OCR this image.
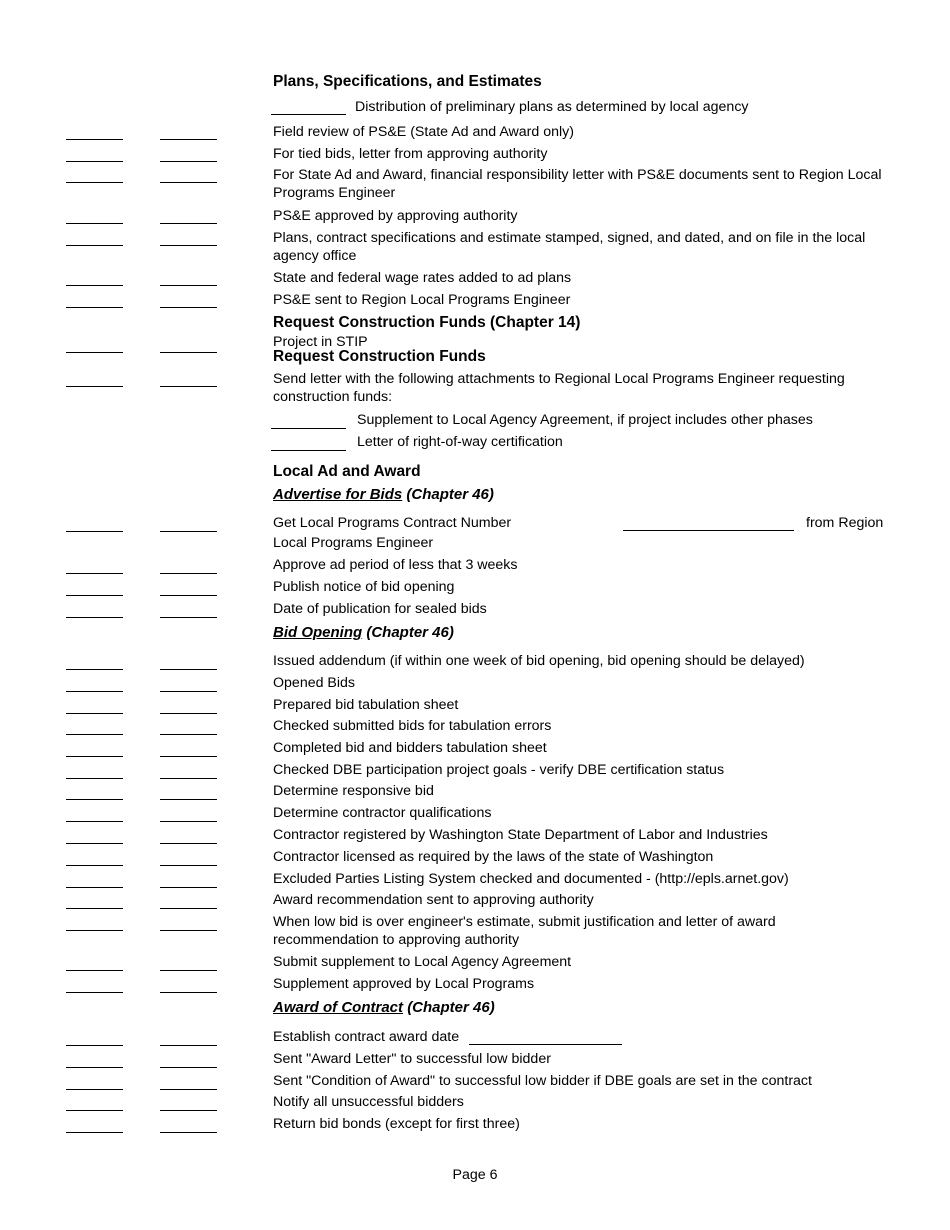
Plans, Specifications, and Estimates
Distribution of preliminary plans as determined by local agency
Field review of PS&E (State Ad and Award only)
For tied bids, letter from approving authority
For State Ad and Award, financial responsibility letter with PS&E documents sent to Region Local Programs Engineer
PS&E approved by approving authority
Plans, contract specifications and estimate stamped, signed, and dated, and on file in the local agency office
State and federal wage rates added to ad plans
PS&E sent to Region Local Programs Engineer
Request Construction Funds (Chapter 14)
Project in STIP
Request Construction Funds
Send letter with the following attachments to Regional Local Programs Engineer requesting construction funds:
Supplement to Local Agency Agreement, if project includes other phases
Letter of right-of-way certification
Local Ad and Award
Advertise for Bids (Chapter 46)
Get Local Programs Contract Number	from Region
Local Programs Engineer
Approve ad period of less that 3 weeks
Publish notice of bid opening
Date of publication for sealed bids
Bid Opening (Chapter 46)
Issued addendum (if within one week of bid opening, bid opening should be delayed)
Opened Bids
Prepared bid tabulation sheet
Checked submitted bids for tabulation errors
Completed bid and bidders tabulation sheet
Checked DBE participation project goals - verify DBE certification status
Determine responsive bid
Determine contractor qualifications
Contractor registered by Washington State Department of Labor and Industries
Contractor licensed as required by the laws of the state of Washington
Excluded Parties Listing System checked and documented - (http://epls.arnet.gov)
Award recommendation sent to approving authority
When low bid is over engineer's estimate, submit justification and letter of award recommendation to approving authority
Submit supplement to Local Agency Agreement
Supplement approved by Local Programs
Award of Contract (Chapter 46)
Establish contract award date
Sent "Award Letter" to successful low bidder
Sent "Condition of Award" to successful low bidder if DBE goals are set in the contract
Notify all unsuccessful bidders
Return bid bonds (except for first three)
Page 6
